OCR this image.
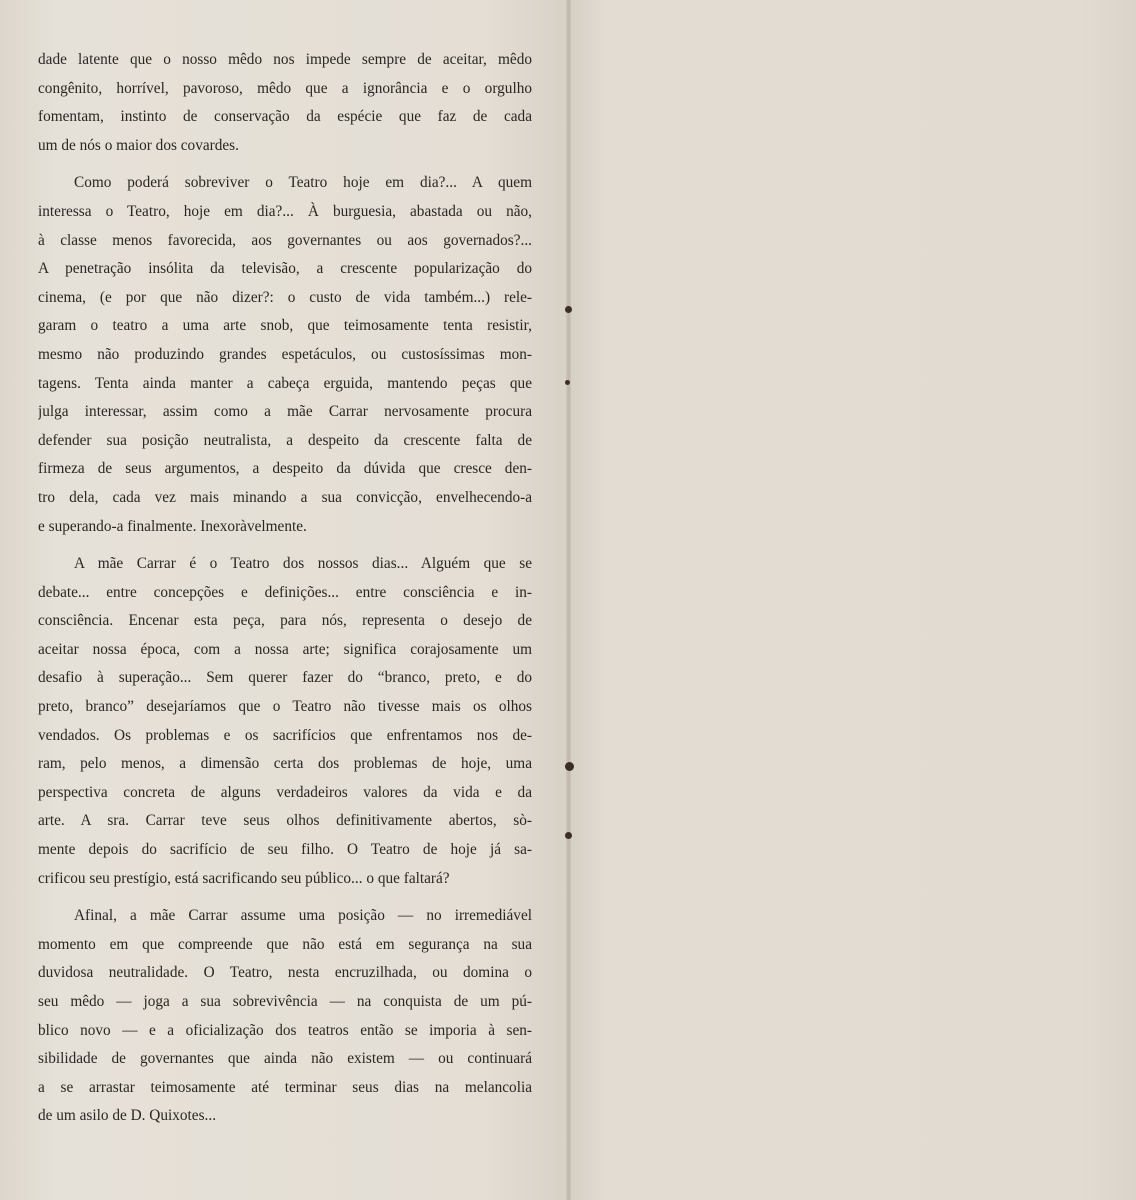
dade latente que o nosso mêdo nos impede sempre de aceitar, mêdo
congênito, horrível, pavoroso, mêdo que a ignorância e o orgulho
fomentam, instinto de conservação da espécie que faz de cada
um de nós o maior dos covardes.
Como poderá sobreviver o Teatro hoje em dia?... A quem
interessa o Teatro, hoje em dia?... À burguesia, abastada ou não,
à classe menos favorecida, aos governantes ou aos governados?...
A penetração insólita da televisão, a crescente popularização do
cinema, (e por que não dizer?: o custo de vida também...) rele-
garam o teatro a uma arte snob, que teimosamente tenta resistir,
mesmo não produzindo grandes espetáculos, ou custosíssimas mon-
tagens. Tenta ainda manter a cabeça erguida, mantendo peças que
julga interessar, assim como a mãe Carrar nervosamente procura
defender sua posição neutralista, a despeito da crescente falta de
firmeza de seus argumentos, a despeito da dúvida que cresce den-
tro dela, cada vez mais minando a sua convicção, envelhecendo-a
e superando-a finalmente. Inexoràvelmente.
A mãe Carrar é o Teatro dos nossos dias... Alguém que se
debate... entre concepções e definições... entre consciência e in-
consciência. Encenar esta peça, para nós, representa o desejo de
aceitar nossa época, com a nossa arte; significa corajosamente um
desafio à superação... Sem querer fazer do “branco, preto, e do
preto, branco” desejaríamos que o Teatro não tivesse mais os olhos
vendados. Os problemas e os sacrifícios que enfrentamos nos de-
ram, pelo menos, a dimensão certa dos problemas de hoje, uma
perspectiva concreta de alguns verdadeiros valores da vida e da
arte. A sra. Carrar teve seus olhos definitivamente abertos, sò-
mente depois do sacrifício de seu filho. O Teatro de hoje já sa-
crificou seu prestígio, está sacrificando seu público... o que faltará?
Afinal, a mãe Carrar assume uma posição — no irremediável
momento em que compreende que não está em segurança na sua
duvidosa neutralidade. O Teatro, nesta encruzilhada, ou domina o
seu mêdo — joga a sua sobrevivência — na conquista de um pú-
blico novo — e a oficialização dos teatros então se imporia à sen-
sibilidade de governantes que ainda não existem — ou continuará
a se arrastar teimosamente até terminar seus dias na melancolia
de um asilo de D. Quixotes...
